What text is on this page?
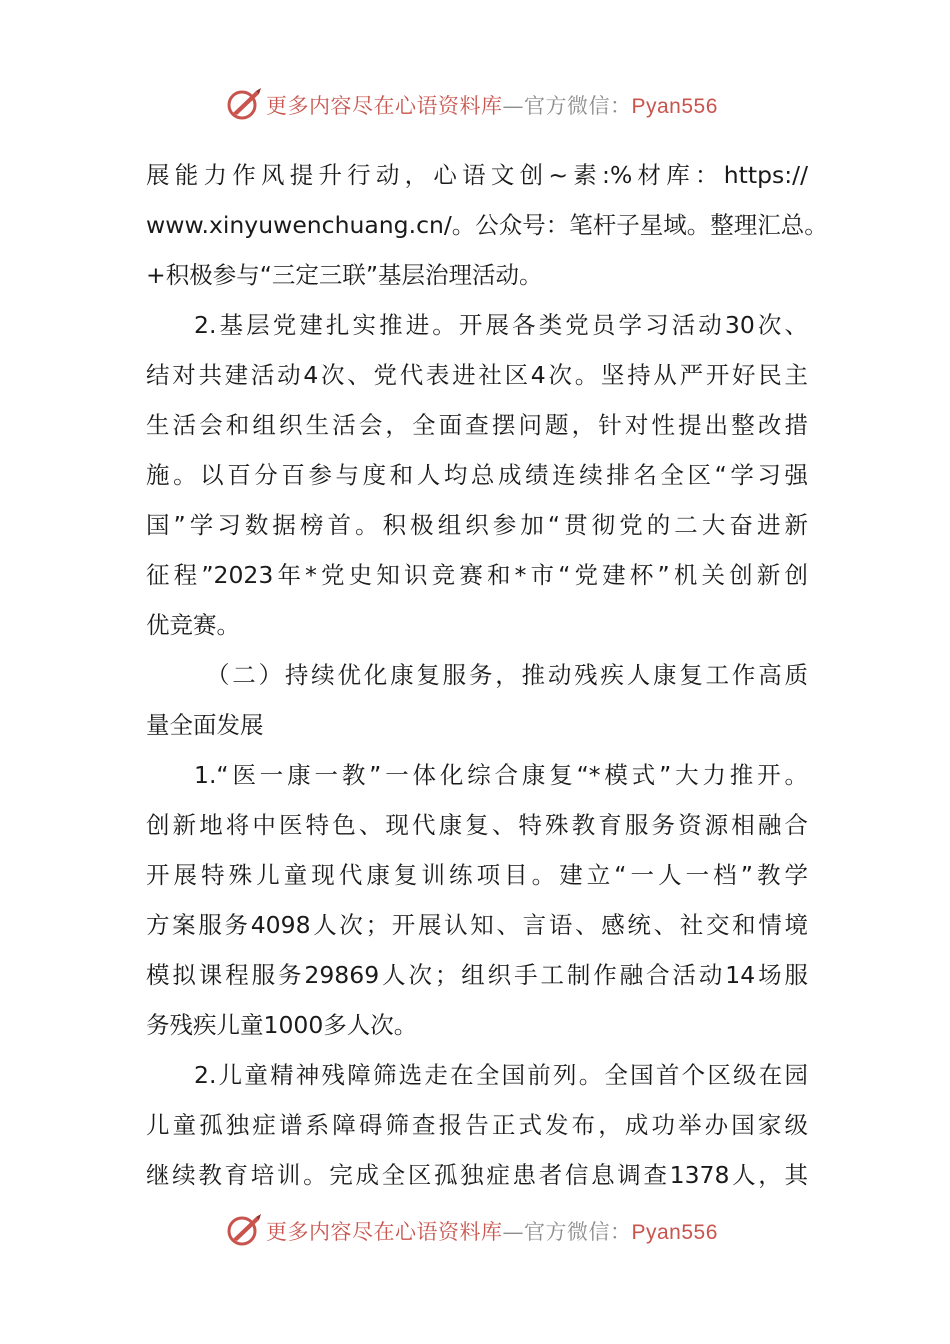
更多内容尽在心语资料库—官方微信：Pyan556
展能力作风提升行动，心语文创~素:%材库：https://
www.xinyuwenchuang.cn/。公众号：笔杆子星域。整理汇总。
+积极参与“三定三联”基层治理活动。
2.基层党建扎实推进。开展各类党员学习活动30次、
结对共建活动4次、党代表进社区4次。坚持从严开好民主
生活会和组织生活会，全面查摆问题，针对性提出整改措
施。以百分百参与度和人均总成绩连续排名全区“学习强
国”学习数据榜首。积极组织参加“贯彻党的二大奋进新
征程”2023年*党史知识竞赛和*市“党建杯”机关创新创
优竞赛。
（二）持续优化康复服务，推动残疾人康复工作高质
量全面发展
1.“医一康一教”一体化综合康复“*模式”大力推开。
创新地将中医特色、现代康复、特殊教育服务资源相融合
开展特殊儿童现代康复训练项目。建立“一人一档”教学
方案服务4098人次；开展认知、言语、感统、社交和情境
模拟课程服务29869人次；组织手工制作融合活动14场服
务残疾儿童1000多人次。
2.儿童精神残障筛选走在全国前列。全国首个区级在园
儿童孤独症谱系障碍筛查报告正式发布，成功举办国家级
继续教育培训。完成全区孤独症患者信息调查1378人，其
更多内容尽在心语资料库—官方微信：Pyan556
